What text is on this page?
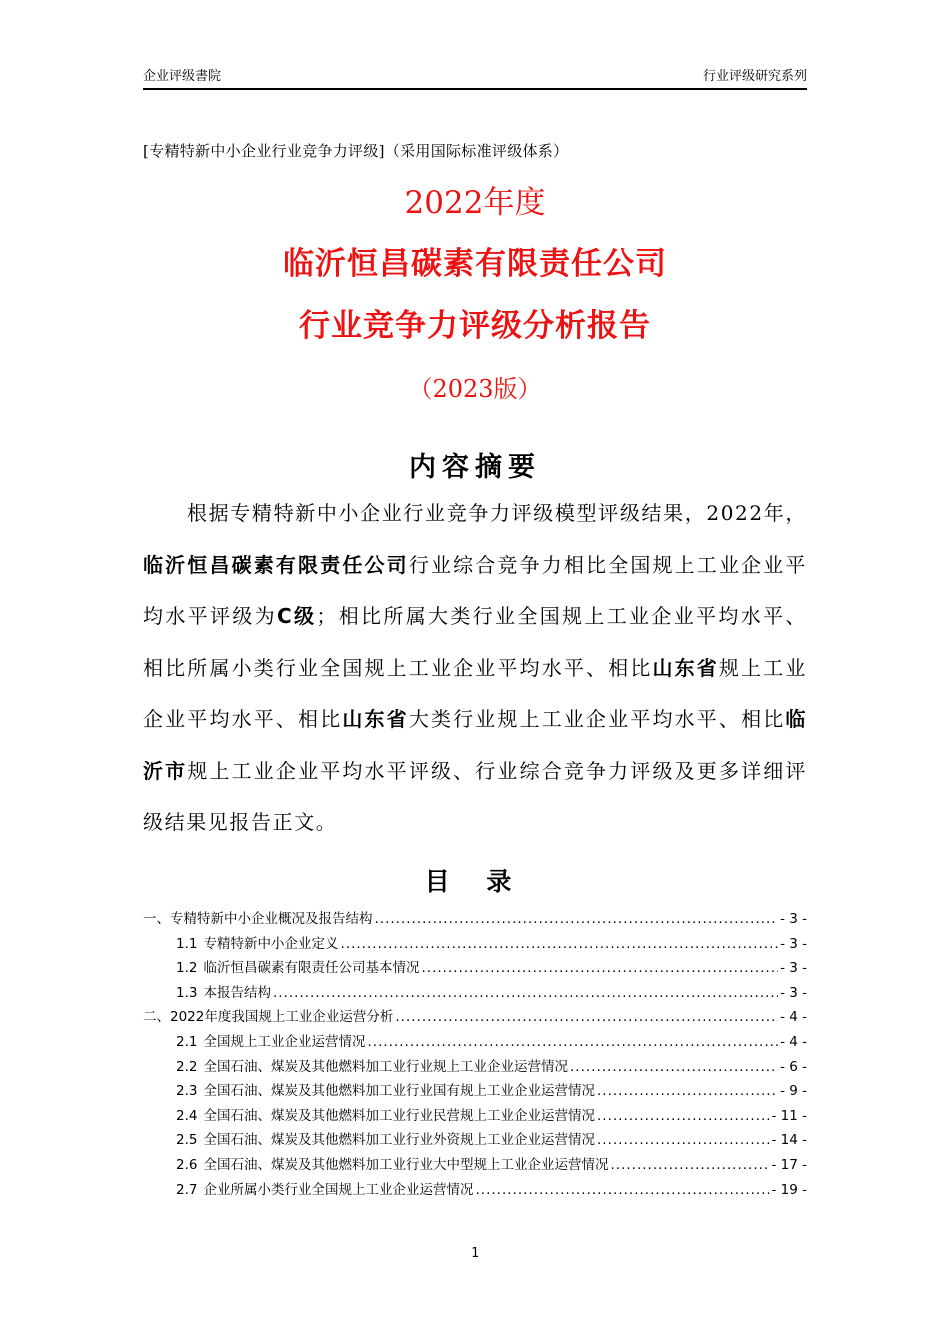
企业评级書院	行业评级研究系列
[专精特新中小企业行业竞争力评级]（采用国际标准评级体系）
2022年度
临沂恒昌碳素有限责任公司
行业竞争力评级分析报告
（2023版）
内容摘要
根据专精特新中小企业行业竞争力评级模型评级结果，2022年，临沂恒昌碳素有限责任公司行业综合竞争力相比全国规上工业企业平均水平评级为C级；相比所属大类行业全国规上工业企业平均水平、相比所属小类行业全国规上工业企业平均水平、相比山东省规上工业企业平均水平、相比山东省大类行业规上工业企业平均水平、相比临沂市规上工业企业平均水平评级、行业综合竞争力评级及更多详细评级结果见报告正文。
目 录
一、 专精特新中小企业概况及报告结构 .....	- 3 -
1.1 专精特新中小企业定义 .....	- 3 -
1.2 临沂恒昌碳素有限责任公司基本情况 .....	- 3 -
1.3 本报告结构 .....	- 3 -
二、 2022年度我国规上工业企业运营分析 .....	- 4 -
2.1 全国规上工业企业运营情况 .....	- 4 -
2.2 全国石油、煤炭及其他燃料加工业行业规上工业企业运营情况 .....	- 6 -
2.3 全国石油、煤炭及其他燃料加工业行业国有规上工业企业运营情况 .....	- 9 -
2.4 全国石油、煤炭及其他燃料加工业行业民营规上工业企业运营情况 .....	- 11 -
2.5 全国石油、煤炭及其他燃料加工业行业外资规上工业企业运营情况 .....	- 14 -
2.6 全国石油、煤炭及其他燃料加工业行业大中型规上工业企业运营情况 .....	- 17 -
2.7 企业所属小类行业全国规上工业企业运营情况 .....	- 19 -
1
